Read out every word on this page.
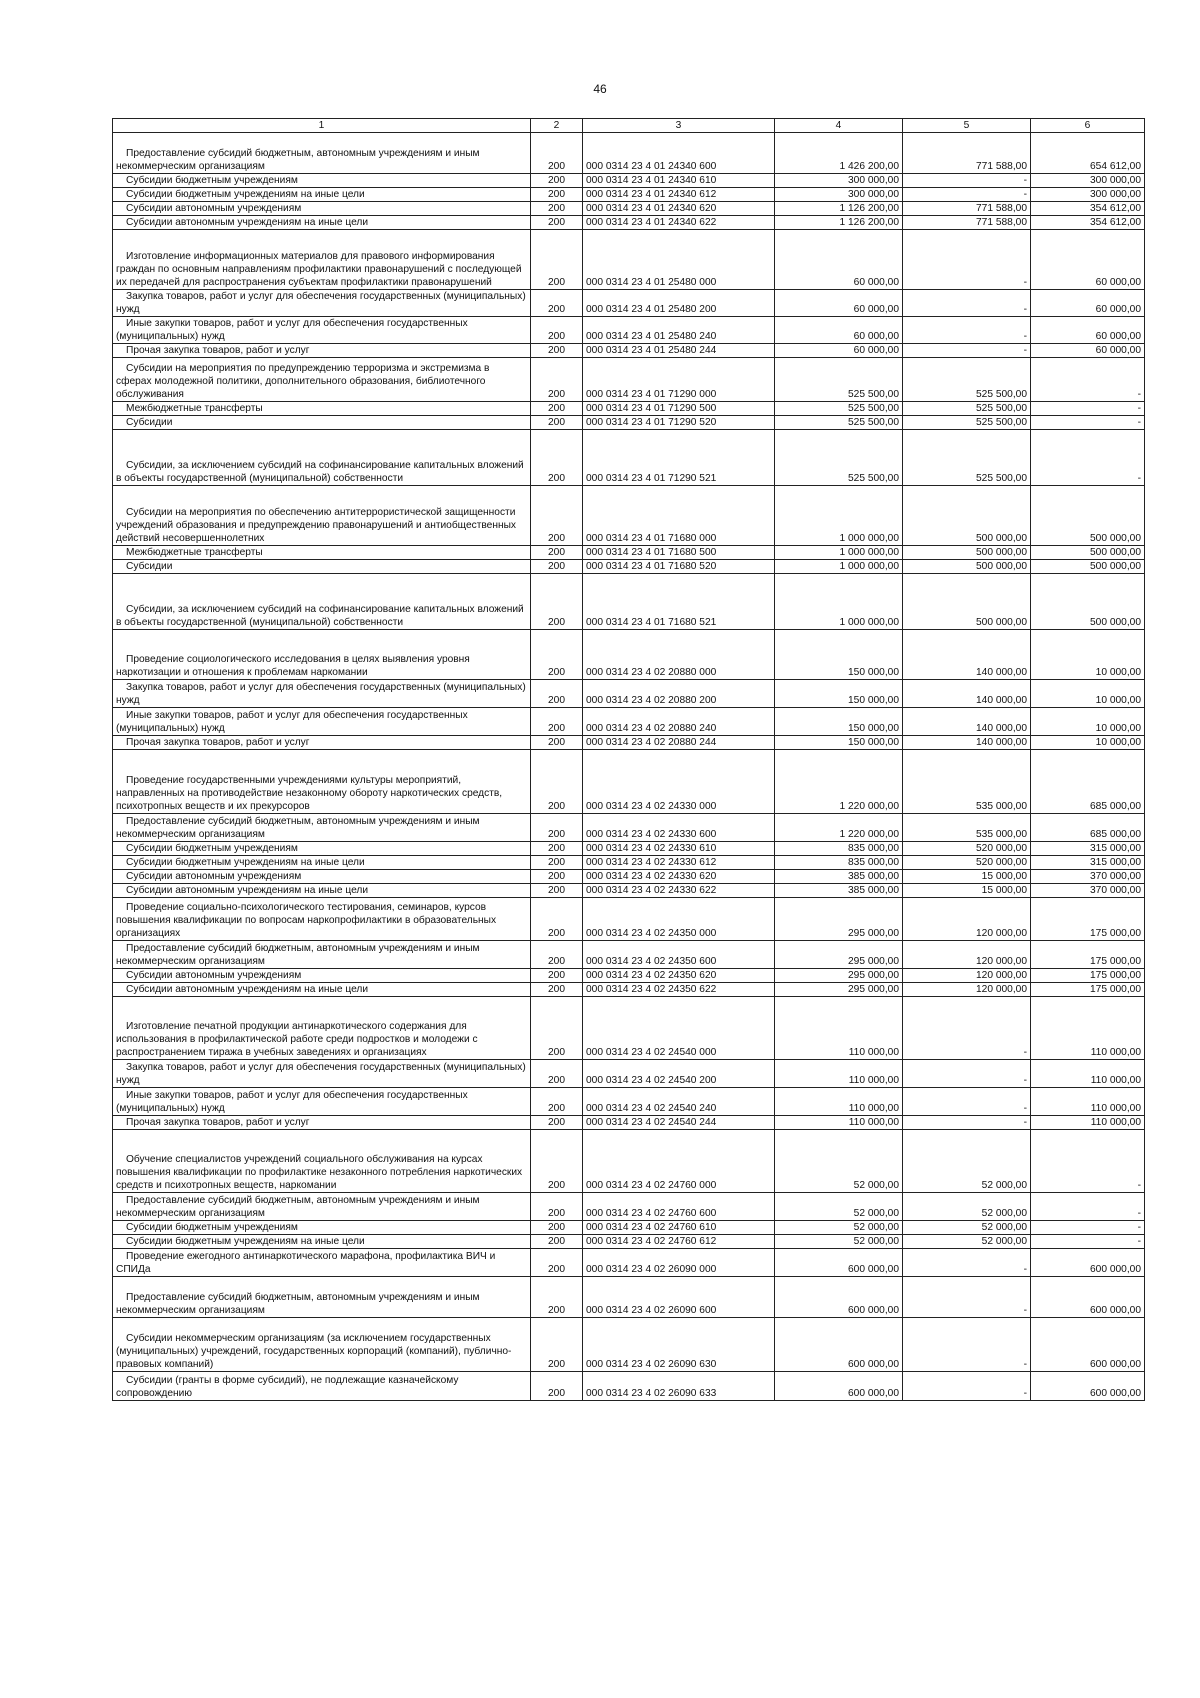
46
1	2	3	4	5	6

Предоставление субсидий бюджетным, автономным учреждениям и иным некоммерческим организациям	200	000 0314 23 4 01 24340 600	1 426 200,00	771 588,00	654 612,00

Субсидии бюджетным учреждениям	200	000 0314 23 4 01 24340 610	300 000,00	-	300 000,00

Субсидии бюджетным учреждениям на иные цели	200	000 0314 23 4 01 24340 612	300 000,00	-	300 000,00

Субсидии автономным учреждениям	200	000 0314 23 4 01 24340 620	1 126 200,00	771 588,00	354 612,00

Субсидии автономным учреждениям на иные цели	200	000 0314 23 4 01 24340 622	1 126 200,00	771 588,00	354 612,00

Изготовление информационных материалов для правового информирования граждан по основным направлениям профилактики правонарушений с последующей их передачей для распространения субъектам профилактики правонарушений	200	000 0314 23 4 01 25480 000	60 000,00	-	60 000,00

Закупка товаров, работ и услуг для обеспечения государственных (муниципальных) нужд	200	000 0314 23 4 01 25480 200	60 000,00	-	60 000,00

Иные закупки товаров, работ и услуг для обеспечения государственных (муниципальных) нужд	200	000 0314 23 4 01 25480 240	60 000,00	-	60 000,00

Прочая закупка товаров, работ и услуг	200	000 0314 23 4 01 25480 244	60 000,00	-	60 000,00

Субсидии на мероприятия по предупреждению терроризма и экстремизма в сферах молодежной политики, дополнительного образования, библиотечного обслуживания	200	000 0314 23 4 01 71290 000	525 500,00	525 500,00	-

Межбюджетные трансферты	200	000 0314 23 4 01 71290 500	525 500,00	525 500,00	-

Субсидии	200	000 0314 23 4 01 71290 520	525 500,00	525 500,00	-

Субсидии, за исключением субсидий на софинансирование капитальных вложений в объекты государственной (муниципальной) собственности	200	000 0314 23 4 01 71290 521	525 500,00	525 500,00	-

Субсидии на мероприятия по обеспечению антитеррористической защищенности учреждений образования и предупреждению правонарушений и антиобщественных действий несовершеннолетних	200	000 0314 23 4 01 71680 000	1 000 000,00	500 000,00	500 000,00

Межбюджетные трансферты	200	000 0314 23 4 01 71680 500	1 000 000,00	500 000,00	500 000,00

Субсидии	200	000 0314 23 4 01 71680 520	1 000 000,00	500 000,00	500 000,00

Субсидии, за исключением субсидий на софинансирование капитальных вложений в объекты государственной (муниципальной) собственности	200	000 0314 23 4 01 71680 521	1 000 000,00	500 000,00	500 000,00

Проведение социологического исследования в целях выявления уровня наркотизации и отношения к проблемам наркомании	200	000 0314 23 4 02 20880 000	150 000,00	140 000,00	10 000,00

Закупка товаров, работ и услуг для обеспечения государственных (муниципальных) нужд	200	000 0314 23 4 02 20880 200	150 000,00	140 000,00	10 000,00

Иные закупки товаров, работ и услуг для обеспечения государственных (муниципальных) нужд	200	000 0314 23 4 02 20880 240	150 000,00	140 000,00	10 000,00

Прочая закупка товаров, работ и услуг	200	000 0314 23 4 02 20880 244	150 000,00	140 000,00	10 000,00

Проведение государственными учреждениями культуры мероприятий, направленных на противодействие незаконному обороту наркотических средств, психотропных веществ и их прекурсоров	200	000 0314 23 4 02 24330 000	1 220 000,00	535 000,00	685 000,00

Предоставление субсидий бюджетным, автономным учреждениям и иным некоммерческим организациям	200	000 0314 23 4 02 24330 600	1 220 000,00	535 000,00	685 000,00

Субсидии бюджетным учреждениям	200	000 0314 23 4 02 24330 610	835 000,00	520 000,00	315 000,00

Субсидии бюджетным учреждениям на иные цели	200	000 0314 23 4 02 24330 612	835 000,00	520 000,00	315 000,00

Субсидии автономным учреждениям	200	000 0314 23 4 02 24330 620	385 000,00	15 000,00	370 000,00

Субсидии автономным учреждениям на иные цели	200	000 0314 23 4 02 24330 622	385 000,00	15 000,00	370 000,00

Проведение социально-психологического тестирования, семинаров, курсов повышения квалификации по вопросам наркопрофилактики в образовательных организациях	200	000 0314 23 4 02 24350 000	295 000,00	120 000,00	175 000,00

Предоставление субсидий бюджетным, автономным учреждениям и иным некоммерческим организациям	200	000 0314 23 4 02 24350 600	295 000,00	120 000,00	175 000,00

Субсидии автономным учреждениям	200	000 0314 23 4 02 24350 620	295 000,00	120 000,00	175 000,00

Субсидии автономным учреждениям на иные цели	200	000 0314 23 4 02 24350 622	295 000,00	120 000,00	175 000,00

Изготовление печатной продукции антинаркотического содержания для использования в профилактической работе среди подростков и молодежи с распространением тиража в учебных заведениях и организациях	200	000 0314 23 4 02 24540 000	110 000,00	-	110 000,00

Закупка товаров, работ и услуг для обеспечения государственных (муниципальных) нужд	200	000 0314 23 4 02 24540 200	110 000,00	-	110 000,00

Иные закупки товаров, работ и услуг для обеспечения государственных (муниципальных) нужд	200	000 0314 23 4 02 24540 240	110 000,00	-	110 000,00

Прочая закупка товаров, работ и услуг	200	000 0314 23 4 02 24540 244	110 000,00	-	110 000,00

Обучение специалистов учреждений социального обслуживания на курсах повышения квалификации по профилактике незаконного потребления наркотических средств и психотропных веществ, наркомании	200	000 0314 23 4 02 24760 000	52 000,00	52 000,00	-

Предоставление субсидий бюджетным, автономным учреждениям и иным некоммерческим организациям	200	000 0314 23 4 02 24760 600	52 000,00	52 000,00	-

Субсидии бюджетным учреждениям	200	000 0314 23 4 02 24760 610	52 000,00	52 000,00	-

Субсидии бюджетным учреждениям на иные цели	200	000 0314 23 4 02 24760 612	52 000,00	52 000,00	-

Проведение ежегодного антинаркотического марафона, профилактика ВИЧ и СПИДа	200	000 0314 23 4 02 26090 000	600 000,00	-	600 000,00

Предоставление субсидий бюджетным, автономным учреждениям и иным некоммерческим организациям	200	000 0314 23 4 02 26090 600	600 000,00	-	600 000,00

Субсидии некоммерческим организациям (за исключением государственных (муниципальных) учреждений, государственных корпораций (компаний), публично-правовых компаний)	200	000 0314 23 4 02 26090 630	600 000,00	-	600 000,00

Субсидии (гранты в форме субсидий), не подлежащие казначейскому сопровождению	200	000 0314 23 4 02 26090 633	600 000,00	-	600 000,00
